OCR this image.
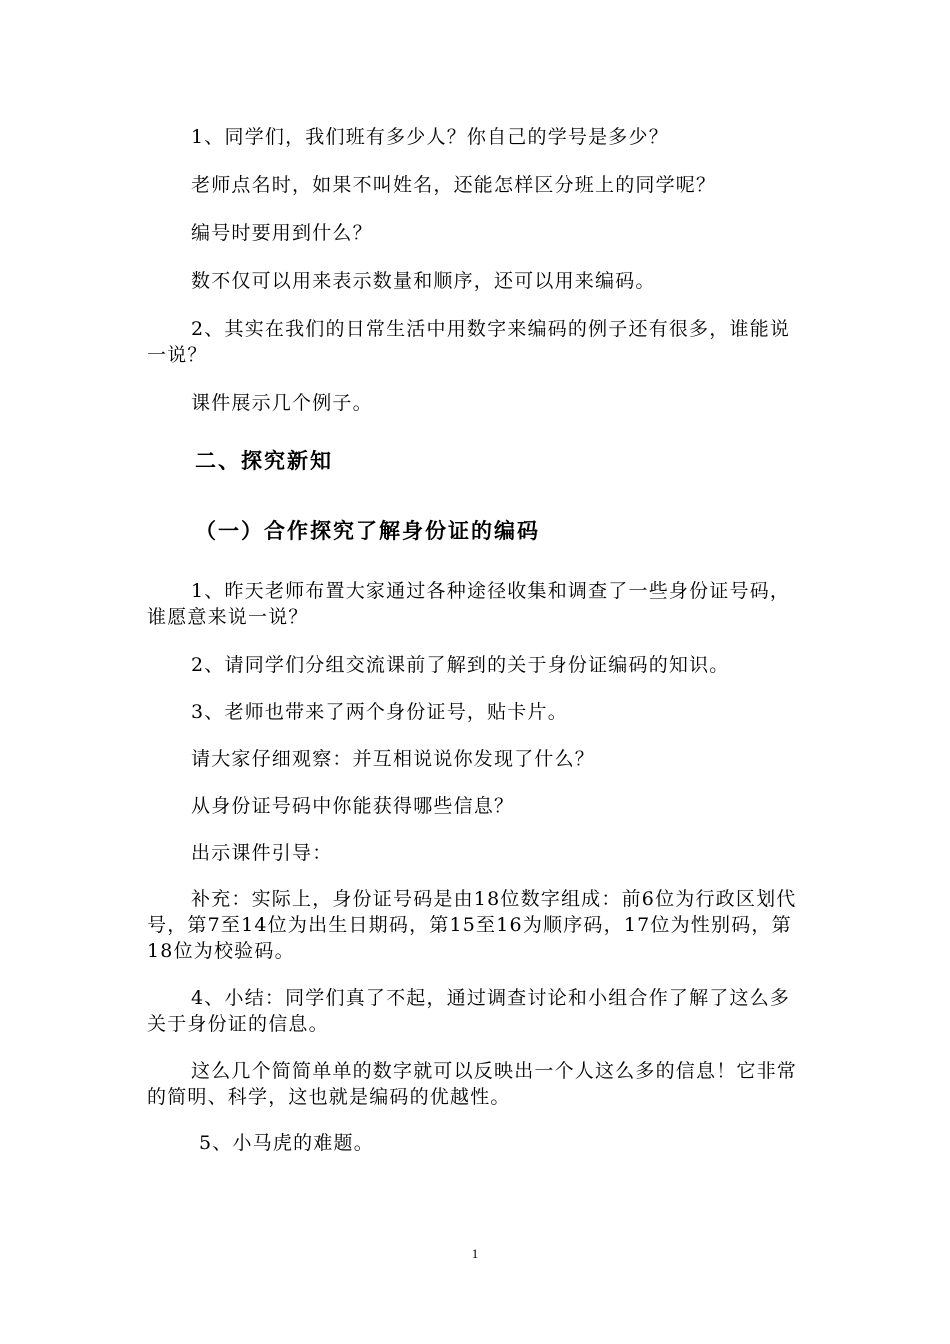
1、同学们，我们班有多少人？你自己的学号是多少？
老师点名时，如果不叫姓名，还能怎样区分班上的同学呢？
编号时要用到什么？
数不仅可以用来表示数量和顺序，还可以用来编码。
2、其实在我们的日常生活中用数字来编码的例子还有很多，谁能说一说？
课件展示几个例子。
二、探究新知
（一）合作探究了解身份证的编码
1、昨天老师布置大家通过各种途径收集和调查了一些身份证号码，谁愿意来说一说？
2、请同学们分组交流课前了解到的关于身份证编码的知识。
3、老师也带来了两个身份证号，贴卡片。
请大家仔细观察：并互相说说你发现了什么？
从身份证号码中你能获得哪些信息？
出示课件引导：
补充：实际上，身份证号码是由18位数字组成：前6位为行政区划代号，第7至14位为出生日期码，第15至16为顺序码，17位为性别码，第18位为校验码。
4、小结：同学们真了不起，通过调查讨论和小组合作了解了这么多关于身份证的信息。
这么几个简简单单的数字就可以反映出一个人这么多的信息！它非常的简明、科学，这也就是编码的优越性。
5、小马虎的难题。
1
